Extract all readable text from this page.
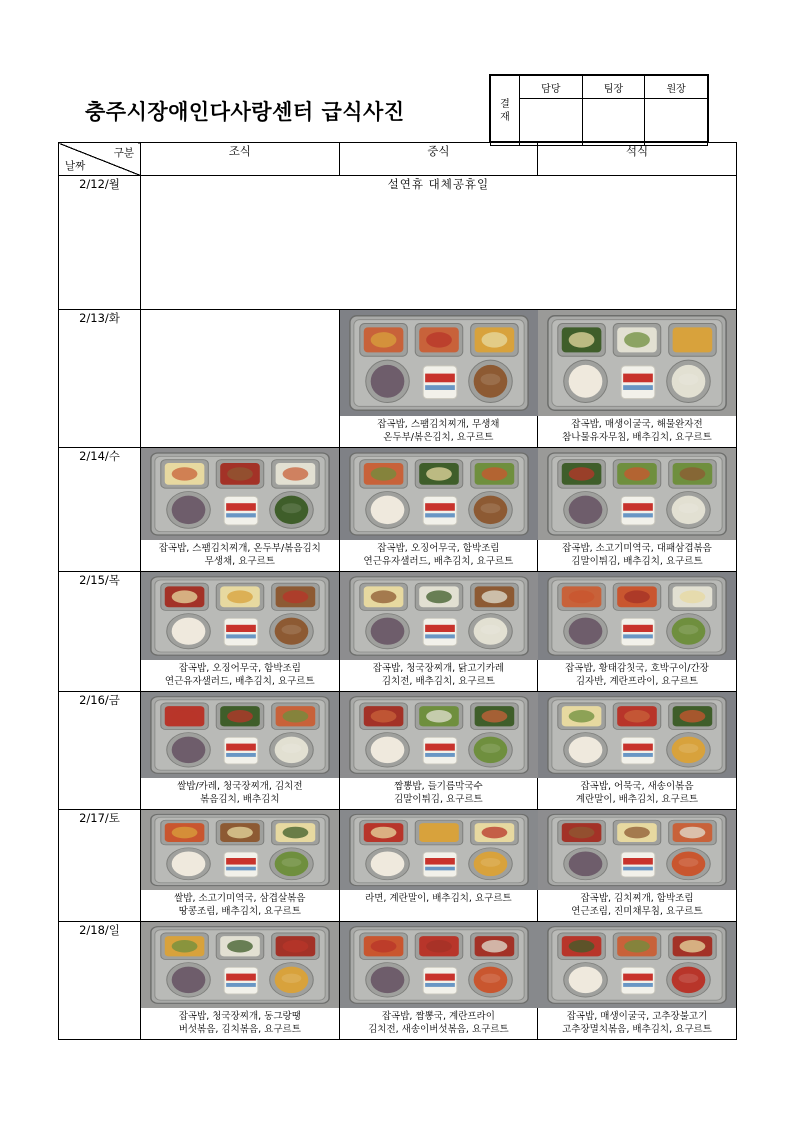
충주시장애인다사랑센터 급식사진	결
재	담당	팀장	원장

구분
날짜	조식	중식	석식
2/12/월	설연휴 대체공휴일		
2/13/화		잡곡밥, 스팸김치찌개, 무생채
온두부/볶은김치, 요구르트	잡곡밥, 매생이굴국, 해물완자전
참나물유자무침, 배추김치, 요구르트

2/14/수	잡곡밥, 스팸김치찌개, 온두부/볶음김치
무생채, 요구르트	잡곡밥, 오징어무국, 함박조림
연근유자샐러드, 배추김치, 요구르트	잡곡밥, 소고기미역국, 대패삼겹볶음
김말이튀김, 배추김치, 요구르트

2/15/목	잡곡밥, 오징어무국, 함박조림
연근유자샐러드, 배추김치, 요구르트	잡곡밥, 청국장찌개, 닭고기카레
김치전, 배추김치, 요구르트	잡곡밥, 황태감칫국, 호박구이/간장
김자반, 계란프라이, 요구르트

2/16/금	쌀밥/카레, 청국장찌개, 김치전
볶음김치, 배추김치	짬뽕밥, 들기름막국수
김말이튀김, 요구르트	잡곡밥, 어묵국, 새송이볶음
계란말이, 배추김치, 요구르트

2/17/토	쌀밥, 소고기미역국, 삼겹살볶음
땅콩조림, 배추김치, 요구르트	라면, 계란말이, 배추김치, 요구르트	잡곡밥, 김치찌개, 함박조림
연근조림, 진미채무침, 요구르트

2/18/일	잡곡밥, 청국장찌개, 동그랑땡
버섯볶음, 김치볶음, 요구르트	잡곡밥, 짬뽕국, 계란프라이
김치전, 새송이버섯볶음, 요구르트	잡곡밥, 매생이굴국, 고추장불고기
고추장멸치볶음, 배추김치, 요구르트
